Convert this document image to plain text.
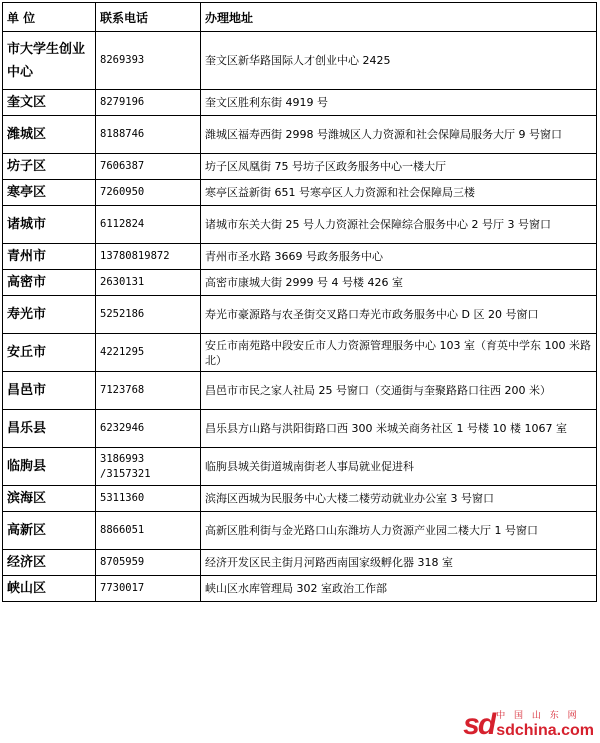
单 位	联系电话	办理地址
市大学生创业中心	8269393	奎文区新华路国际人才创业中心 2425
奎文区	8279196	奎文区胜利东街 4919 号
潍城区	8188746	潍城区福寿西街 2998 号潍城区人力资源和社会保障局服务大厅 9 号窗口
坊子区	7606387	坊子区凤凰街 75 号坊子区政务服务中心一楼大厅
寒亭区	7260950	寒亭区益新街 651 号寒亭区人力资源和社会保障局三楼
诸城市	6112824	诸城市东关大街 25 号人力资源社会保障综合服务中心 2 号厅 3 号窗口
青州市	13780819872	青州市圣水路 3669 号政务服务中心
高密市	2630131	高密市康城大街 2999 号 4 号楼 426 室
寿光市	5252186	寿光市豪源路与农圣街交叉路口寿光市政务服务中心 D 区 20 号窗口
安丘市	4221295	安丘市南苑路中段安丘市人力资源管理服务中心 103 室（育英中学东 100 米路北）
昌邑市	7123768	昌邑市市民之家人社局 25 号窗口（交通街与奎聚路路口往西 200 米）
昌乐县	6232946	昌乐县方山路与洪阳街路口西 300 米城关商务社区 1 号楼 10 楼 1067 室
临朐县	3186993 /3157321	临朐县城关街道城南街老人事局就业促进科
滨海区	5311360	滨海区西城为民服务中心大楼二楼劳动就业办公室 3 号窗口
高新区	8866051	高新区胜利街与金光路口山东潍坊人力资源产业园二楼大厅 1 号窗口
经济区	8705959	经济开发区民主街月河路西南国家级孵化器 318 室
峡山区	7730017	峡山区水库管理局 302 室政治工作部
sd 中 国 山 东 网
sdchina.com
